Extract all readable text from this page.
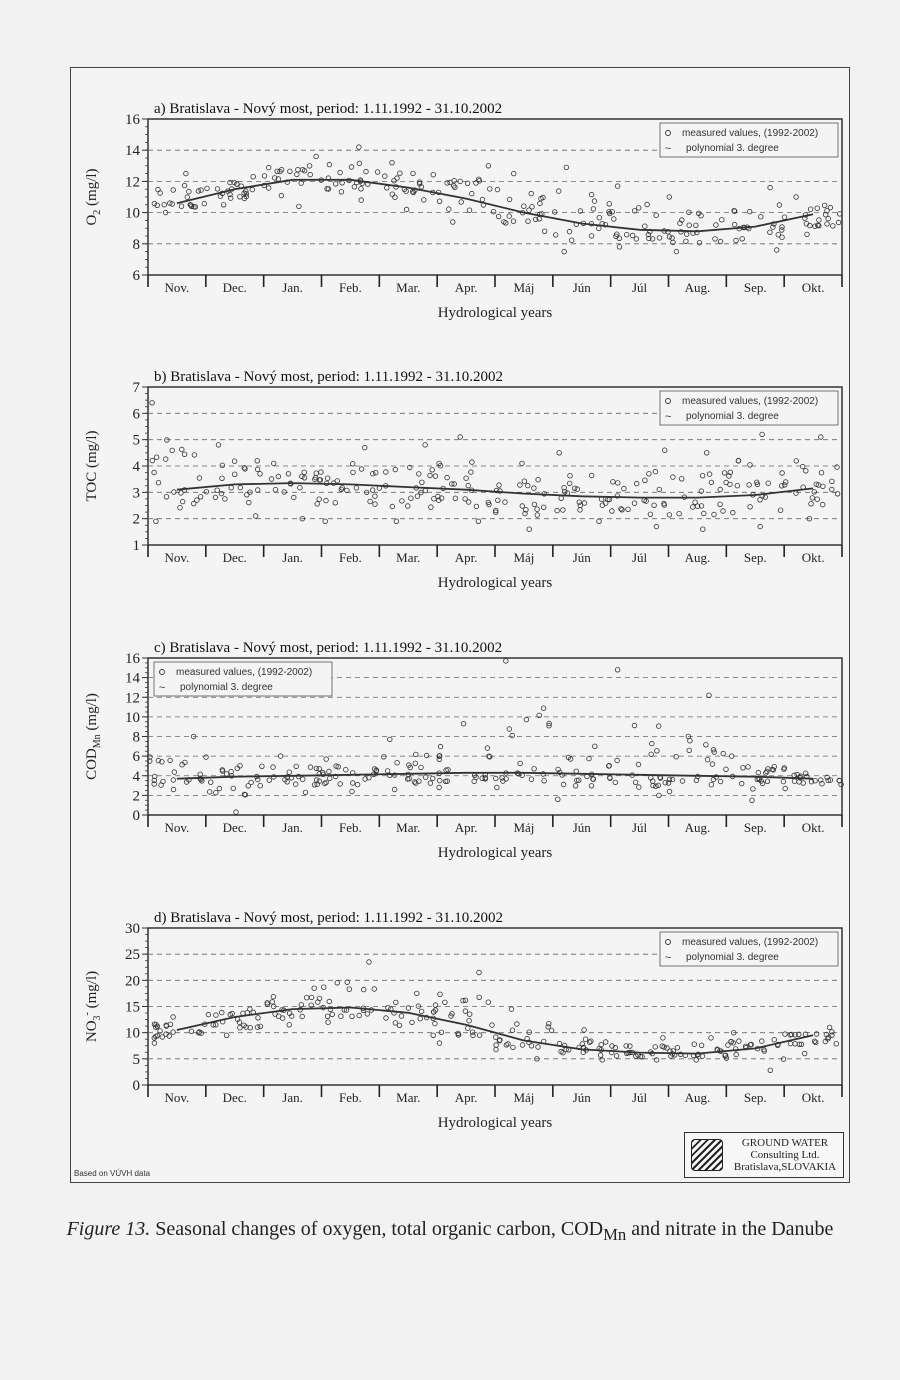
6
8
10
12
14
16
$O_2$ (mg/l)
Nov.	Dec.	Jan.	Feb.	Mar.	Apr.	Máj	Jún	Júl	Aug.	Sep.	Okt.
a) Bratislava - Nový most, period: 1.11.1992 - 31.10.2002
Hydrological years
~
measured values, (1992-2002)
polynomial 3. degree
1
2
3
4
5
6
7
TOC (mg/l)
Nov.	Dec.	Jan.	Feb.	Mar.	Apr.	Máj	Jún	Júl	Aug.	Sep.	Okt.
b) Bratislava - Nový most, period: 1.11.1992 - 31.10.2002
Hydrological years
~
measured values, (1992-2002)
polynomial 3. degree
0
2
4
6
8
10
12
14
16
$COD_{Mn}$ (mg/l)
Nov.	Dec.	Jan.	Feb.	Mar.	Apr.	Máj	Jún	Júl	Aug.	Sep.	Okt.
c) Bratislava - Nový most, period: 1.11.1992 - 31.10.2002
Hydrological years
~
measured values, (1992-2002)
polynomial 3. degree
0
5
10
15
20
25
30
$NO_3^-$ (mg/l)
Nov.	Dec.	Jan.	Feb.	Mar.	Apr.	Máj	Jún	Júl	Aug.	Sep.	Okt.
d) Bratislava - Nový most, period: 1.11.1992 - 31.10.2002
Hydrological years
~
measured values, (1992-2002)
polynomial 3. degree
Based on VÚVH data
GROUND WATER
Consulting Ltd.
Bratislava,SLOVAKIA
Figure 13. Seasonal changes of oxygen, total organic carbon, $COD_{Mn}$ and nitrate in the Danube
